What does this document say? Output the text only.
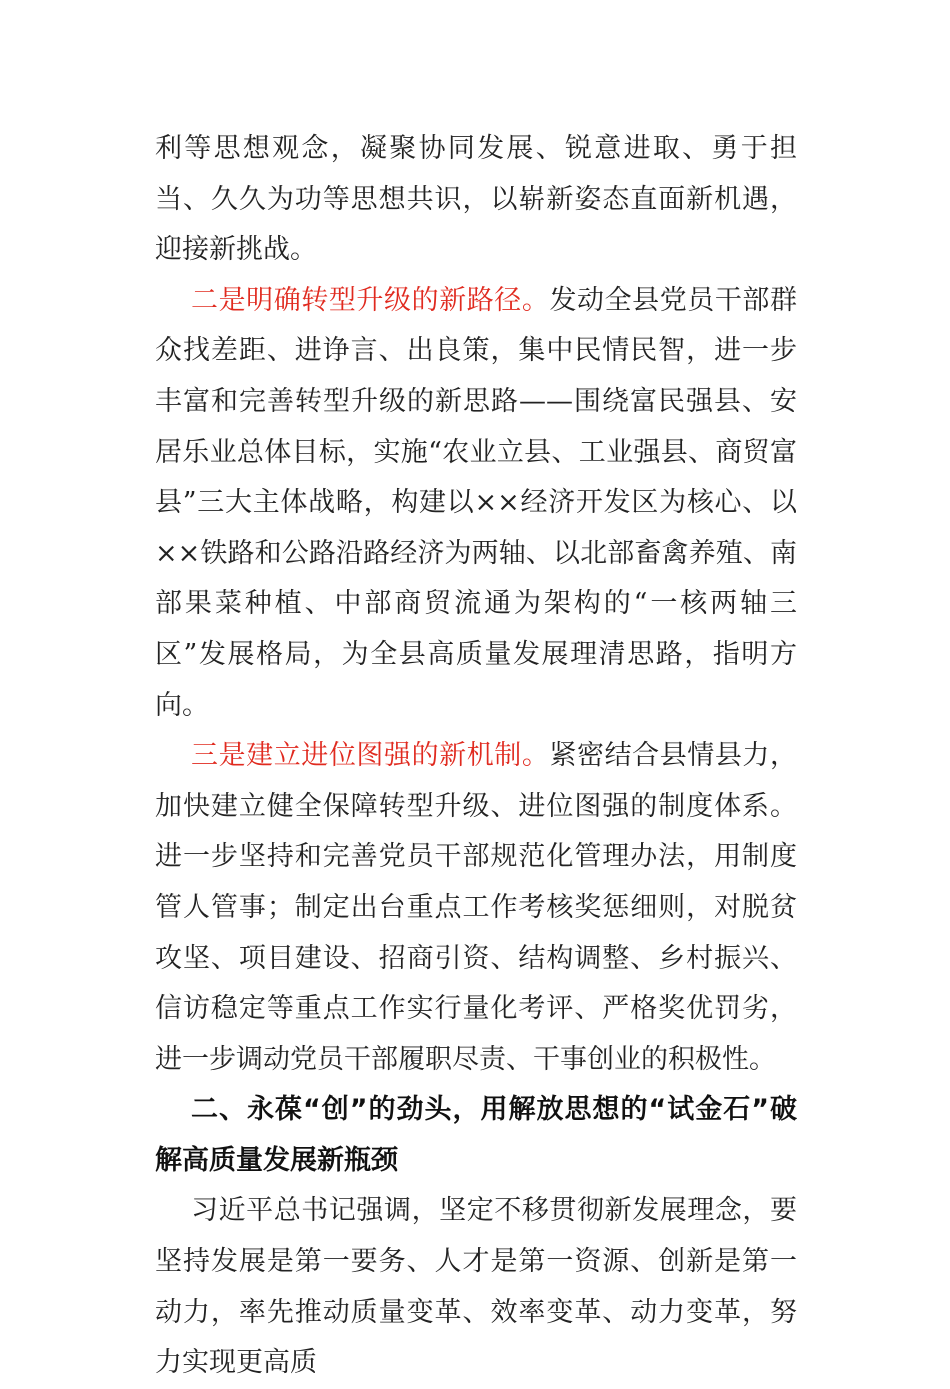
利等思想观念，凝聚协同发展、锐意进取、勇于担当、久久为功等思想共识，以崭新姿态直面新机遇，迎接新挑战。

二是明确转型升级的新路径。发动全县党员干部群众找差距、进诤言、出良策，集中民情民智，进一步丰富和完善转型升级的新思路——围绕富民强县、安居乐业总体目标，实施“农业立县、工业强县、商贸富县”三大主体战略，构建以××经济开发区为核心、以××铁路和公路沿路经济为两轴、以北部畜禽养殖、南部果菜种植、中部商贸流通为架构的“一核两轴三区”发展格局，为全县高质量发展理清思路，指明方向。

三是建立进位图强的新机制。紧密结合县情县力，加快建立健全保障转型升级、进位图强的制度体系。进一步坚持和完善党员干部规范化管理办法，用制度管人管事；制定出台重点工作考核奖惩细则，对脱贫攻坚、项目建设、招商引资、结构调整、乡村振兴、信访稳定等重点工作实行量化考评、严格奖优罚劣，进一步调动党员干部履职尽责、干事创业的积极性。

二、永葆“创”的劲头，用解放思想的“试金石”破解高质量发展新瓶颈

习近平总书记强调，坚定不移贯彻新发展理念，要坚持发展是第一要务、人才是第一资源、创新是第一动力，率先推动质量变革、效率变革、动力变革，努力实现更高质
